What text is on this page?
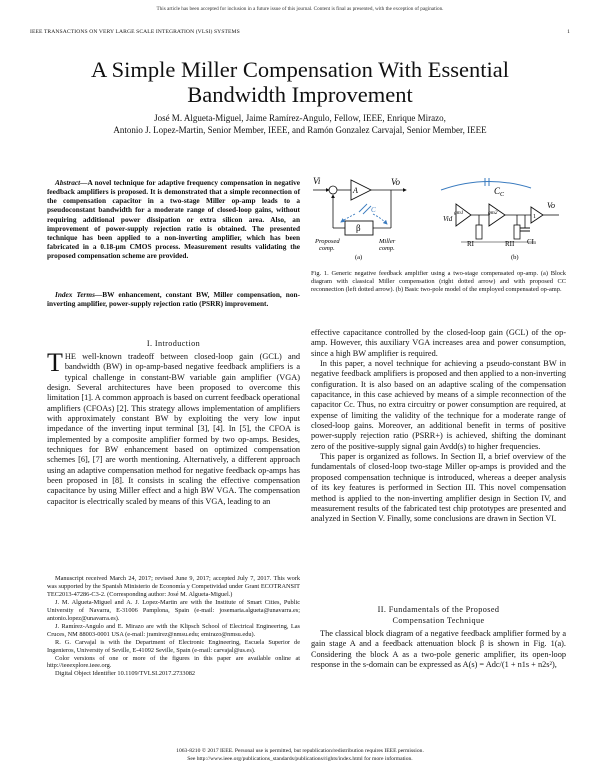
This article has been accepted for inclusion in a future issue of this journal. Content is final as presented, with the exception of pagination.
IEEE TRANSACTIONS ON VERY LARGE SCALE INTEGRATION (VLSI) SYSTEMS	1
A Simple Miller Compensation With Essential
Bandwidth Improvement
José M. Algueta-Miguel, Jaime Ramírez-Angulo, Fellow, IEEE, Enrique Mirazo,
Antonio J. Lopez-Martin, Senior Member, IEEE, and Ramón Gonzalez Carvajal, Senior Member, IEEE
Abstract—A novel technique for adaptive frequency compensation in negative feedback amplifiers is proposed. It is demonstrated that a simple reconnection of the compensation capacitor in a two-stage Miller op-amp leads to a pseudoconstant bandwidth for a moderate range of closed-loop gains, without requiring additional power dissipation or extra silicon area. Also, an improvement of power-supply rejection ratio is obtained. The presented technique has been applied to a non-inverting amplifier, which has been fabricated in a 0.18-μm CMOS process. Measurement results validating the proposed compensation scheme are provided.
Index Terms—BW enhancement, constant BW, Miller compensation, non-inverting amplifier, power-supply rejection ratio (PSRR) improvement.
I. Introduction
THE well-known tradeoff between closed-loop gain (GCL) and bandwidth (BW) in op-amp-based negative feedback amplifiers is a typical challenge in constant-BW variable gain amplifier (VGA) design. Several architectures have been proposed to overcome this limitation [1]. A common approach is based on current feedback operational amplifiers (CFOAs) [2]. This strategy allows implementation of amplifiers with approximately constant BW by exploiting the very low input impedance of the inverting input terminal [3], [4]. In [5], the CFOA is implemented by a composite amplifier formed by two op-amps. Besides, techniques for BW enhancement based on optimized compensation schemes [6], [7] are worth mentioning. Alternatively, a different approach using an adaptive compensation method for negative feedback op-amps has been proposed in [8]. It consists in scaling the effective compensation capacitance by using Miller effect and a high BW VGA. The compensation capacitor is electrically scaled by means of this VGA, leading to an

Manuscript received March 24, 2017; revised June 9, 2017; accepted July 7, 2017. This work was supported by the Spanish Ministerio de Economía y Competividad under Grant ECOTRANSIT TEC2013-47286-C3-2. (Corresponding author: José M. Algueta-Miguel.)

J. M. Algueta-Miguel and A. J. Lopez-Martin are with the Institute of Smart Cities, Public University of Navarra, E-31006 Pamplona, Spain (e-mail: josemaria.algueta@unavarra.es; antonio.lopez@unavarra.es).

J. Ramírez-Angulo and E. Mirazo are with the Klipsch School of Electrical Engineering, Las Cruces, NM 88003-0001 USA (e-mail: jramirez@nmsu.edu; emirazo@nmsu.edu).

R. G. Carvajal is with the Department of Electronic Engineering, Escuela Superior de Ingenieros, University of Seville, E-41092 Seville, Spain (e-mail: carvajal@us.es).

Color versions of one or more of the figures in this paper are available online at http://ieeexplore.ieee.org.

Digital Object Identifier 10.1109/TVLSI.2017.2733082

Vi
A
Vo
β
C
Proposed
comp.
Miller
comp.
(a)
$C_C$
Vid
gm1	gm2
1
Vo
RI	RII CL
(b)
Fig. 1. Generic negative feedback amplifier using a two-stage compensated op-amp. (a) Block diagram with classical Miller compensation (right dotted arrow) and with proposed CC reconnection (left dotted arrow). (b) Basic two-pole model of the employed compensated op-amp.

effective capacitance controlled by the closed-loop gain (GCL) of the op-amp. However, this auxiliary VGA increases area and power consumption, since a high BW amplifier is required.

In this paper, a novel technique for achieving a pseudo-constant BW in negative feedback amplifiers is proposed and then applied to a non-inverting configuration. It is also based on an adaptive scaling of the compensation capacitance, in this case achieved by means of a simple reconnection of the capacitor Cc. Thus, no extra circuitry or power consumption are required, at expense of limiting the validity of the technique for a moderate range of closed-loop gains. Moreover, an additional benefit in terms of positive power-supply rejection ratio (PSRR+) is achieved, shifting the dominant zero of the positive-supply signal gain Avdd(s) to higher frequencies.

This paper is organized as follows. In Section II, a brief overview of the fundamentals of closed-loop two-stage Miller op-amps is provided and the proposed compensation technique is introduced, whereas a deeper analysis of its key features is performed in Section III. This novel compensation method is applied to the non-inverting amplifier design in Section IV, and measurement results of the fabricated test chip prototypes are presented and analyzed in Section V. Finally, some conclusions are drawn in Section VI.

II. Fundamentals of the Proposed
Compensation Technique

The classical block diagram of a negative feedback amplifier formed by a gain stage A and a feedback attenuation block β is shown in Fig. 1(a). Considering the block A as a two-pole generic amplifier, its open-loop response in the s-domain can be expressed as A(s) = Adc/(1 + n1s + n2s²),

1063-8210 © 2017 IEEE. Personal use is permitted, but republication/redistribution requires IEEE permission.
See http://www.ieee.org/publications_standards/publications/rights/index.html for more information.
